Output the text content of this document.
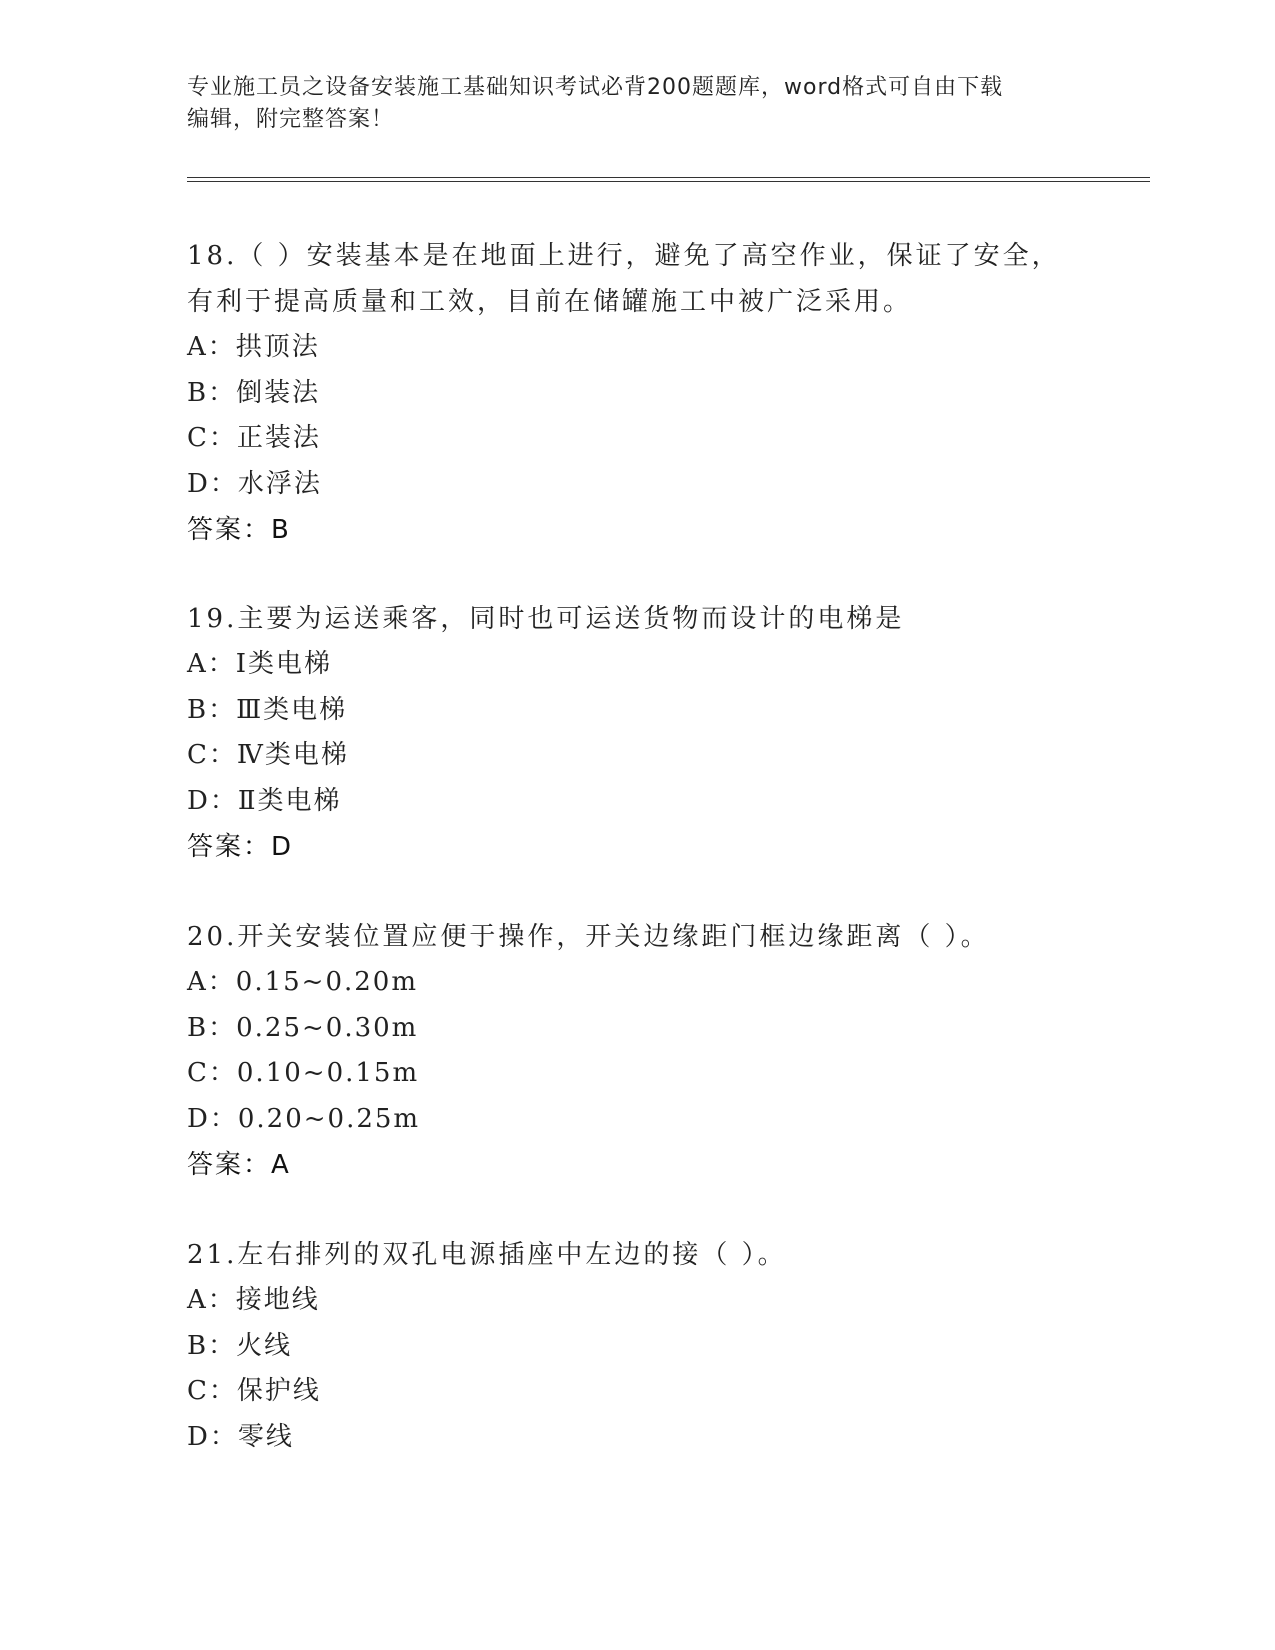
专业施工员之设备安装施工基础知识考试必背200题题库，word格式可自由下载
编辑，附完整答案！
18.（ ）安装基本是在地面上进行，避免了高空作业，保证了安全，
有利于提高质量和工效，目前在储罐施工中被广泛采用。
A：拱顶法
B：倒装法
C：正装法
D：水浮法
答案：B
19.主要为运送乘客，同时也可运送货物而设计的电梯是
A：Ⅰ类电梯
B：Ⅲ类电梯
C：Ⅳ类电梯
D：Ⅱ类电梯
答案：D
20.开关安装位置应便于操作，开关边缘距门框边缘距离（ ）。
A：0.15~0.20m
B：0.25~0.30m
C：0.10~0.15m
D：0.20~0.25m
答案：A
21.左右排列的双孔电源插座中左边的接（ ）。
A：接地线
B：火线
C：保护线
D：零线
